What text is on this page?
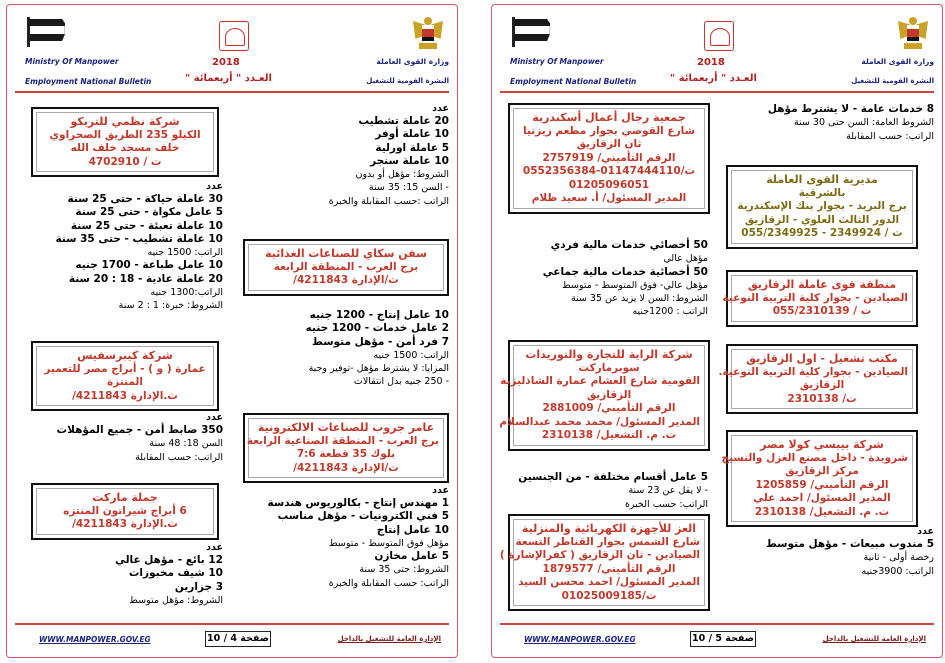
Ministry Of Manpower
Employment National Bulletin
2018
العـدد " أربعمائة "
وزارة القوى العاملة
النشرة القومية للتشغيل
عدد
20 عاملة تشطيب
10 عاملة أوفر
5 عاملة اورلية
10 عاملة سنجر
الشروط: مؤهل أو بدون
- السن 15: 35 سنة
الراتب :حسب المقابلة والخبرة
سفن سكاي للصناعات الغذائية
برج العرب - المنطقة الرابعة
ت/الإدارة 4211843/
10 عامل إنتاج - 1200 جنيه
2 عامل خدمات - 1200 جنيه
7 فرد أمن - مؤهل متوسط
الراتب: 1500 جنيه
المزايا: لا يشترط مؤهل -توفير وجبة
- 250 جنيه بدل انتقالات
عامر جروب للصناعات الالكترونية
برج العرب - المنطقة الصناعية الرابعة
بلوك 35 قطعة 7:6
ت/الإدارة 4211843/
عدد
1 مهندس إنتاج - بكالوريوس هندسة
5 فني الكترونيات - مؤهل مناسب
10 عامل إنتاج
مؤهل فوق المتوسط - متوسط
5 عامل مخازن
الشروط: حتى 35 سنة
الراتب: حسب المقابلة والخبرة
شركة نظمي للتريكو
الكيلو 235 الطريق الصحراوي
خلف مسجد خلف الله
ت / 4702910
عدد
30 عاملة حياكة - حتى 25 سنة
5 عامل مكواة - حتى 25 سنة
10 عاملة تعبئة - حتى 25 سنة
10 عاملة تشطيب - حتى 35 سنة
الراتب: 1500 جنيه
10 عامل طباعة - 1700 جنيه
20 عاملة عادية - 18 : 20 سنة
الراتب:1300 جنيه
الشروط: خبرة: 1 : 2 سنة
شركة كيبرسفيس
عمارة ( و ) - أبراج مصر للتعمير
المنتزة
ت.الإدارة 4211843/
عدد
350 ضابط أمن - جميع المؤهلات
السن 18: 48 سنة
الراتب: حسب المقابلة
جملة ماركت
6 أبراج شيراتون المنتزه
ت.الإدارة 4211843/
عدد
12 بائع - مؤهل عالي
10 شيف مخبوزات
3 جزارين
الشروط: مؤهل متوسط
WWW.MANPOWER.GOV.EG	صفحة 4 / 10	الإدارة العامة للتشغيل بالداخل
Ministry Of Manpower
Employment National Bulletin
2018
العـدد " أربعمائة "
وزارة القوى العاملة
النشرة القومية للتشغيل
8 خدمات عامة - لا يشترط مؤهل
الشروط العامة: السن حتى 30 سنة
الراتب: حسب المقابلة
مديرية القوى العاملة
بالشرقية
برج البريد - بجوار بنك الإسكندرية
الدور الثالث العلوي - الزقازيق
ت / 2349924 - 055/2349925
منطقة قوى عاملة الزقازيق
الصيادين - بجوار كلية التربية النوعية
ت / 055/2310139
مكتب تشغيل - اول الزقازيق
الصيادين - بجوار كلية التربية النوعية.
الزقازيق
ت/ 2310138
شركة بيبسي كولا مصر
شرويدة - داخل مصنع الغزل والنسيج
مركز الزقازيق
الرقم التأميني/ 1205859
المدير المسئول/ احمد علي
ت. م. التشغيل/ 2310138
عدد
5 مندوب مبيعات - مؤهل متوسط
رخصة أولى - ثانية
الراتب: 3900جنيه
جمعية رجال أعمال أسكندرية
شارع القوصي بجوار مطعم زيزنيا
ثان الزقازيق
الرقم التأميني/ 2757919
ت/01147444110-0552356384
01205096051
المدير المسئول/ أ. سعيد ظلام
50 أخصائي خدمات مالية فردي
مؤهل عالي
50 أخصائية خدمات مالية جماعي
مؤهل عالي- فوق المتوسط - متوسط
الشروط: السن لا يزيد عن 35 سنة
الراتب : 1200جنيه
شركة الراية للتجارة والتوريدات
سوبرماركت
القومية شارع الغشام عمارة الشاذليزية
الزقازيق
الرقم التأميني/ 2881009
المدير المسئول/ محمد محمد عبدالسلام
ت. م. التشغيل/ 2310138
5 عامل أقسام مختلفة - من الجنسين
- لا يقل عن 23 سنة
الراتب: حسب الخبرة
العز للأجهزة الكهربائية والمنزلية
شارع الشمس بجوار القناطر التسعة
الصيادين - ثان الزقازيق ( كفرالإشارة )
الرقم التأميني/ 1879577
المدير المسئول/ احمد محسن السيد
ت/01025009185
WWW.MANPOWER.GOV.EG	صفحة 5 / 10	الإدارة العامة للتشغيل بالداخل
